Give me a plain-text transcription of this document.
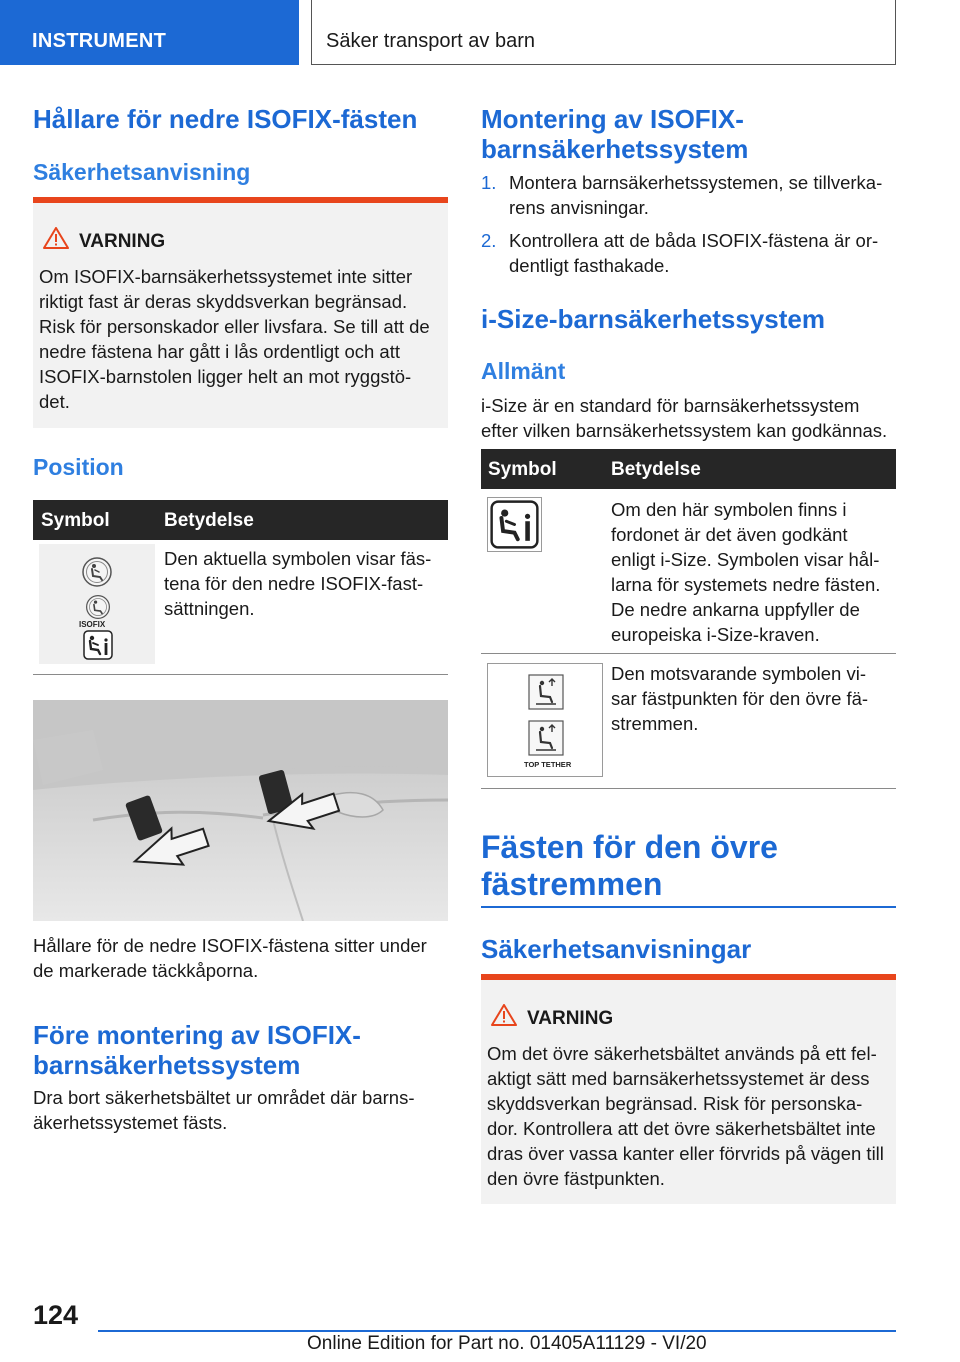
INSTRUMENT	Säker transport av barn
Hållare för nedre ISOFIX-fästen
Säkerhetsanvisning
VARNING
Om ISOFIX-barnsäkerhetssystemet inte sitter
riktigt fast är deras skyddsverkan begränsad.
Risk för personskador eller livsfara. Se till att de
nedre fästena har gått i lås ordentligt och att
ISOFIX-barnstolen ligger helt an mot ryggstö-
det.
Position
Symbol	Betydelse
ISOFIX
Den aktuella symbolen visar fäs-
tena för den nedre ISOFIX-fast-
sättningen.
Hållare för de nedre ISOFIX-fästena sitter under
de markerade täckkåporna.
Före montering av ISOFIX-
barnsäkerhetssystem
Dra bort säkerhetsbältet ur området där barns-
äkerhetssystemet fästs.
Montering av ISOFIX-
barnsäkerhetssystem
1. Montera barnsäkerhetssystemen, se tillverka-
rens anvisningar.
2. Kontrollera att de båda ISOFIX-fästena är or-
dentligt fasthakade.
i-Size-barnsäkerhetssystem
Allmänt
i-Size är en standard för barnsäkerhetssystem
efter vilken barnsäkerhetssystem kan godkännas.
Symbol	Betydelse
Om den här symbolen finns i
fordonet är det även godkänt
enligt i-Size. Symbolen visar hål-
larna för systemets nedre fästen.
De nedre ankarna uppfyller de
europeiska i-Size-kraven.
TOP TETHER
Den motsvarande symbolen vi-
sar fästpunkten för den övre fä-
stremmen.
Fästen för den övre
fästremmen
Säkerhetsanvisningar
VARNING
Om det övre säkerhetsbältet används på ett fel-
aktigt sätt med barnsäkerhetssystemet är dess
skyddsverkan begränsad. Risk för personska-
dor. Kontrollera att det övre säkerhetsbältet inte
dras över vassa kanter eller förvrids på vägen till
den övre fästpunkten.
124
Online Edition for Part no. 01405A11129 - VI/20
